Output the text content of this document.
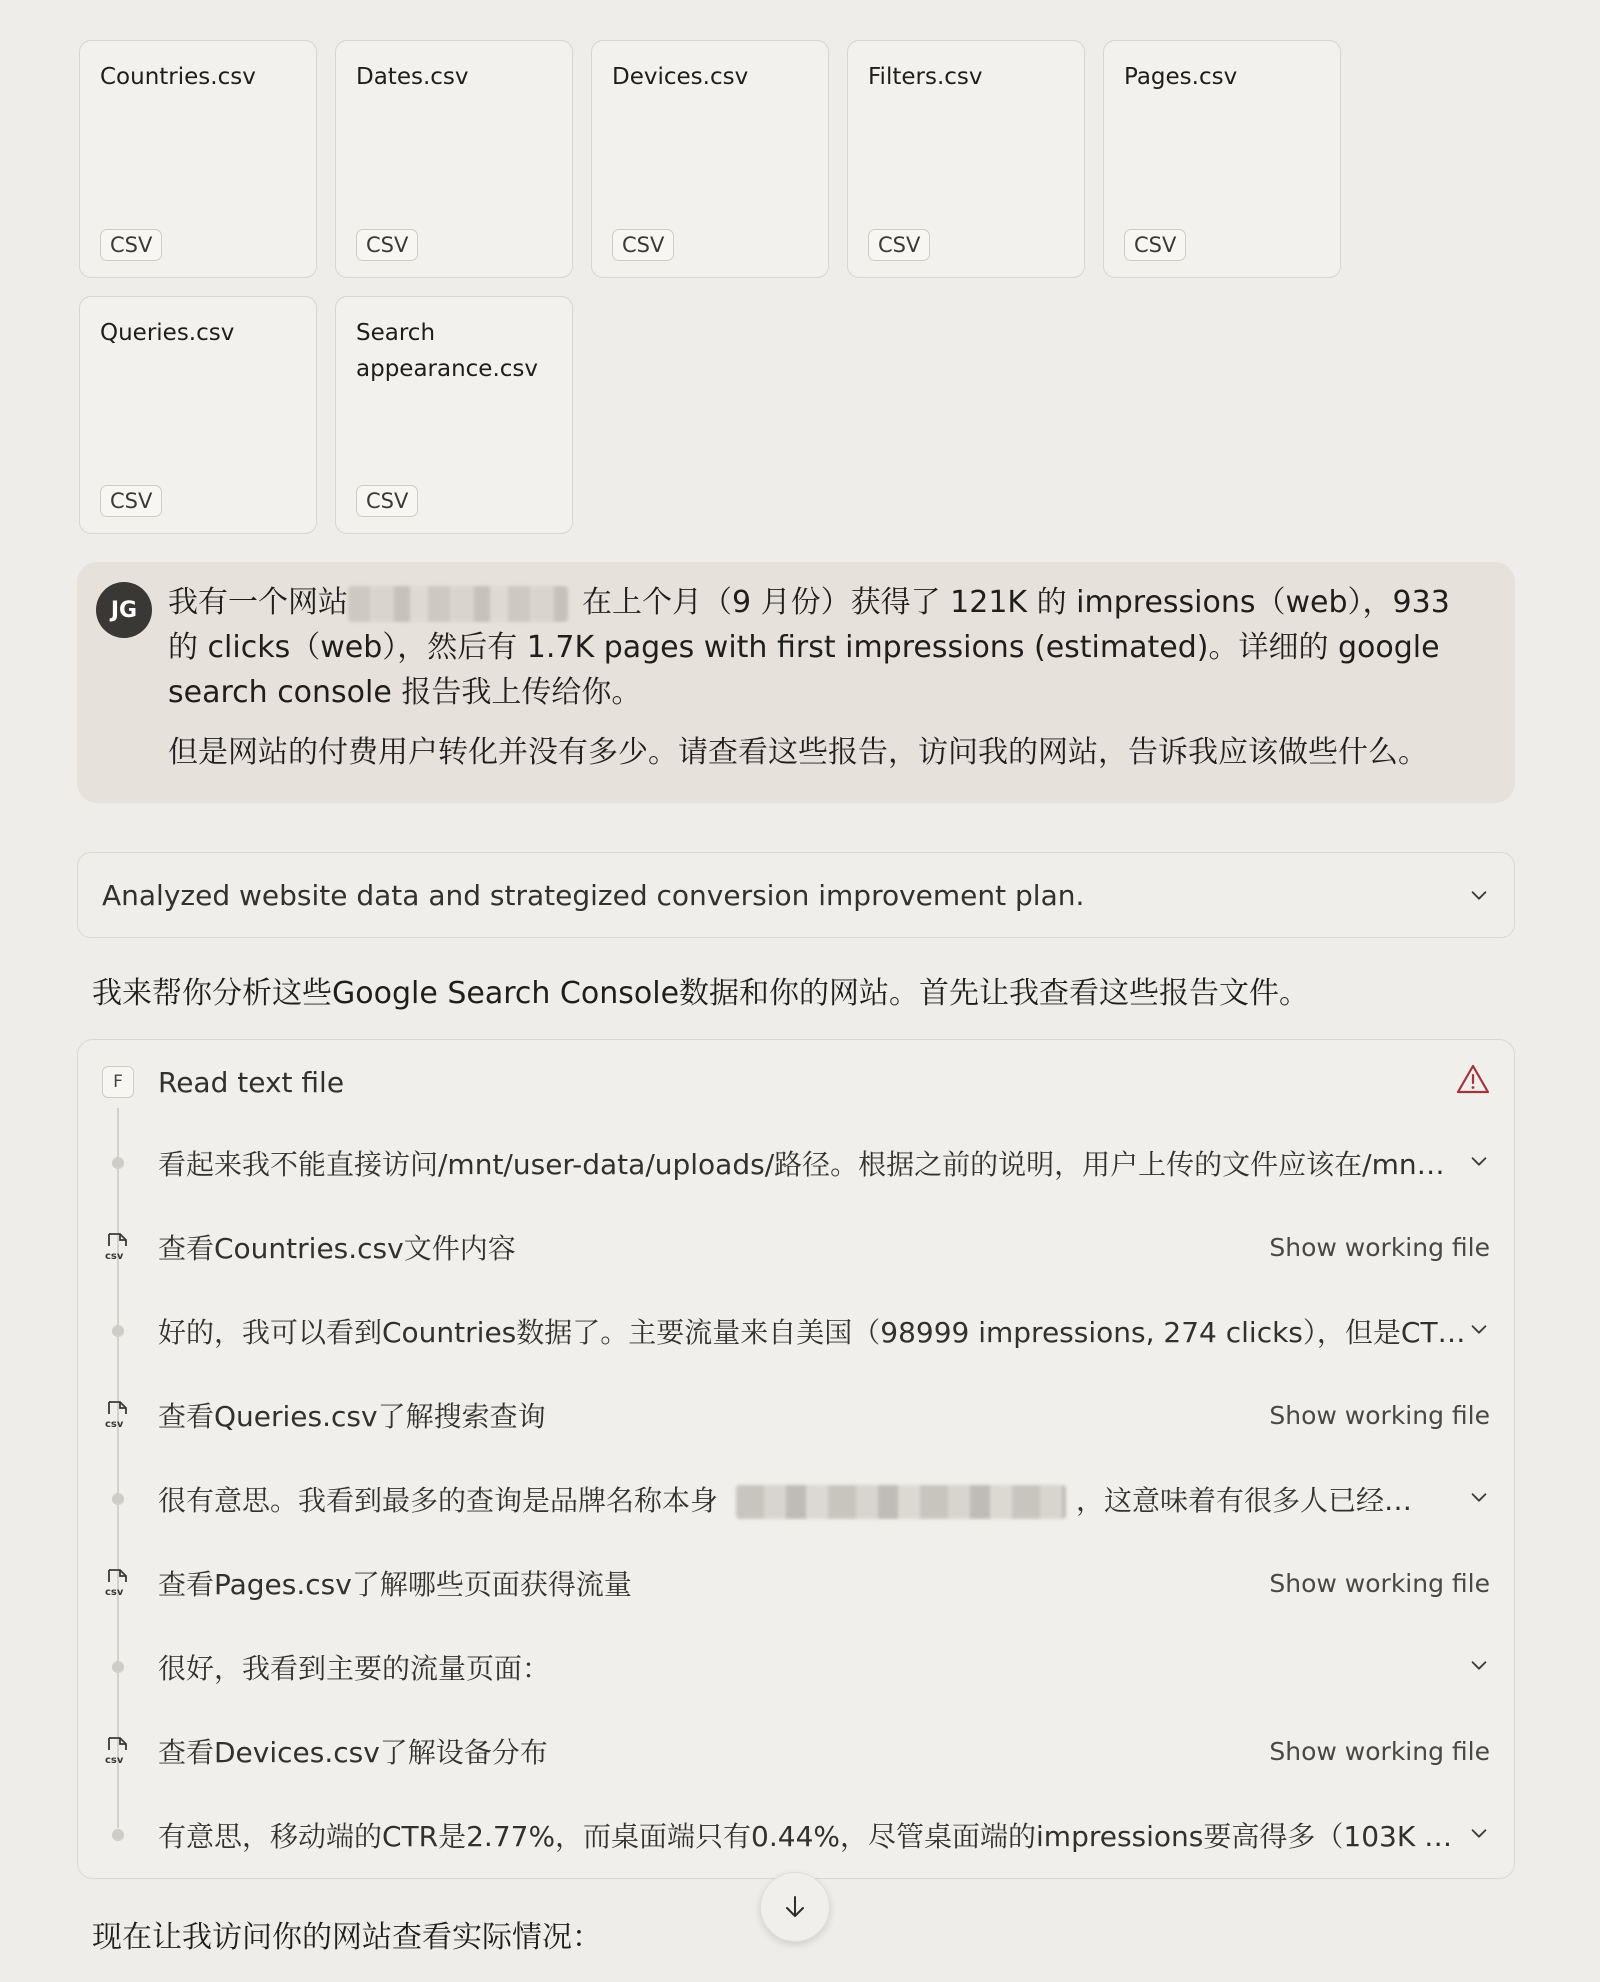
Countries.csv
CSV
Dates.csv
CSV
Devices.csv
CSV
Filters.csv
CSV
Pages.csv
CSV
Queries.csv
CSV
Search appearance.csv
CSV
JG	我有一个网站	在上个月（9 月份）获得了 121K 的 impressions（web），933 的 clicks（web），然后有 1.7K pages with first impressions (estimated)。详细的 google search console 报告我上传给你。

但是网站的付费用户转化并没有多少。请查看这些报告，访问我的网站，告诉我应该做些什么。

Analyzed website data and strategized conversion improvement plan.
我来帮你分析这些Google Search Console数据和你的网站。首先让我查看这些报告文件。
F	Read text file
看起来我不能直接访问/mnt/user-data/uploads/路径。根据之前的说明，用户上传的文件应该在/mn…
csv 查看Countries.csv文件内容	Show working file
好的，我可以看到Countries数据了。主要流量来自美国（98999 impressions, 274 clicks），但是CT…
csv 查看Queries.csv了解搜索查询	Show working file
很有意思。我看到最多的查询是品牌名称本身	，这意味着有很多人已经…
csv 查看Pages.csv了解哪些页面获得流量	Show working file
很好，我看到主要的流量页面：
csv 查看Devices.csv了解设备分布	Show working file
有意思，移动端的CTR是2.77%，而桌面端只有0.44%，尽管桌面端的impressions要高得多（103K …
现在让我访问你的网站查看实际情况：
